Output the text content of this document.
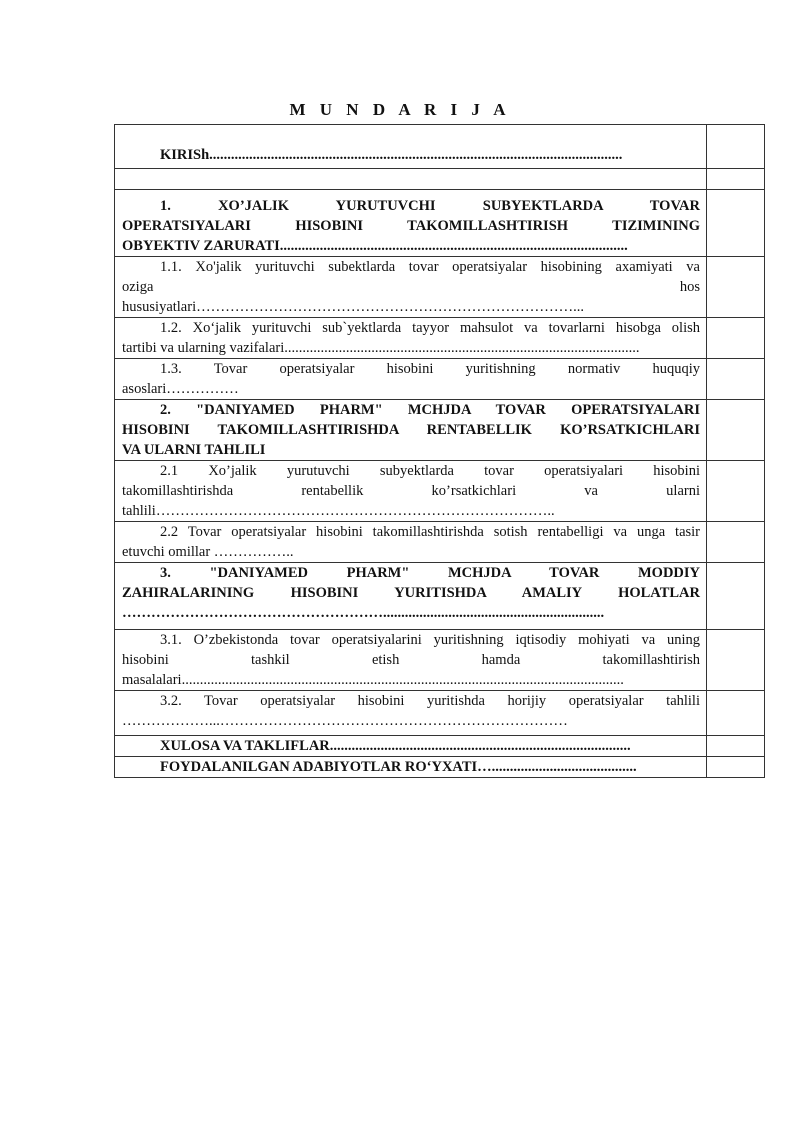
M U N D A R I J A
KIRISh..................................................................................................................	

1. XO’JALIK YURUTUVCHI SUBYEKTLARDA TOVAR
OPERATSIYALARI HISOBINI TAKOMILLASHTIRISH TIZIMINING
OBYEKTIV ZARURATI................................................................................................	

1.1. Xo'jalik yurituvchi subektlarda tovar operatsiyalar hisobining axamiyati va
oziga hos
hususiyatlari……………………………………………………………………...	

1.2. Xo‘jalik yurituvchi sub`yektlarda tayyor mahsulot va tovarlarni hisobga olish
tartibi va ularning vazifalari..................................................................................................	

1.3. Tovar operatsiyalar hisobini yuritishning normativ huquqiy
asoslari……………	

2. "DANIYAMED PHARM" MCHJDA TOVAR OPERATSIYALARI
HISOBINI TAKOMILLASHTIRISHDA RENTABELLIK KO’RSATKICHLARI
VA ULARNI TAHLILI	

2.1 Xo’jalik yurutuvchi subyektlarda tovar operatsiyalari hisobini
takomillashtirishda rentabellik ko’rsatkichlari va ularni
tahlili………………………………………………………………………..	

2.2 Tovar operatsiyalar hisobini takomillashtirishda sotish rentabelligi va unga tasir
etuvchi omillar ……………..	

3. "DANIYAMED PHARM" MCHJDA TOVAR MODDIY
ZAHIRALARINING HISOBINI YURITISHDA AMALIY HOLATLAR
……………………………………………….............................................................	

3.1. O’zbekistonda tovar operatsiyalarini yuritishning iqtisodiy mohiyati va uning
hisobini tashkil etish hamda takomillashtirish
masalalari..........................................................................................................................	

3.2. Tovar operatsiyalar hisobini yuritishda horijiy operatsiyalar tahlili
………………...………………………………………………………………	

XULOSA VA TAKLIFLAR...................................................................................	

FOYDALANILGAN ADABIYOTLAR RO‘YXATI…........................................	
